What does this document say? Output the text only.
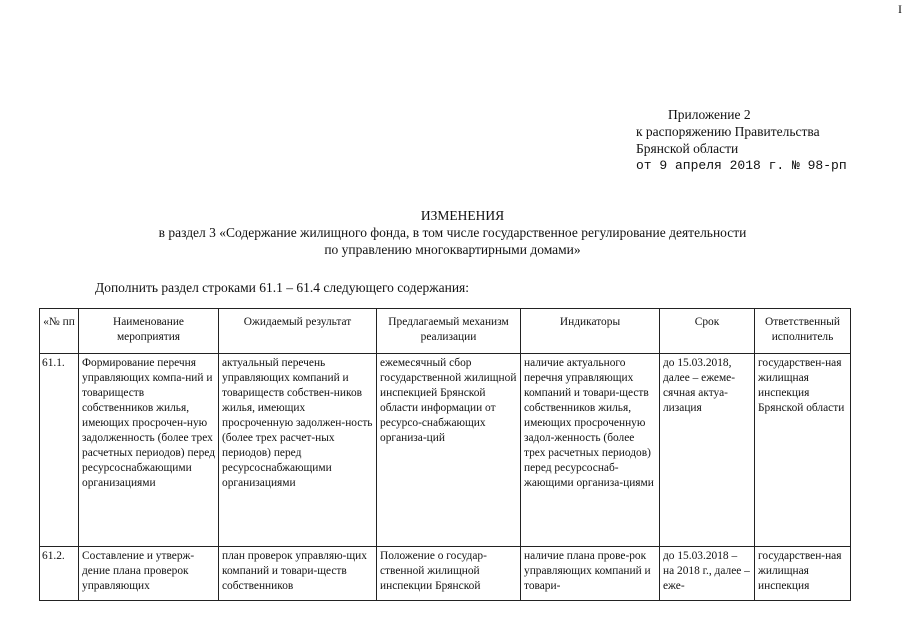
I
Приложение 2
к распоряжению Правительства
Брянской области
от 9 апреля 2018 г. № 98-рп
ИЗМЕНЕНИЯ
в раздел 3 «Содержание жилищного фонда, в том числе государственное регулирование деятельности
по управлению многоквартирными домами»
Дополнить раздел строками 61.1 – 61.4 следующего содержания:
«№ пп	Наименование мероприятия	Ожидаемый результат	Предлагаемый механизм реализации	Индикаторы	Срок	Ответственный исполнитель
61.1.	Формирование перечня управляющих компа-ний и товариществ собственников жилья, имеющих просрочен-ную задолженность (более трех расчетных периодов) перед ресурсоснабжающими организациями	актуальный перечень управляющих компаний и товариществ собствен-ников жилья, имеющих просроченную задолжен-ность (более трех расчет-ных периодов) перед ресурсоснабжающими организациями	ежемесячный сбор государственной жилищной инспекцией Брянской области информации от ресурсо-снабжающих организа-ций	наличие актуального перечня управляющих компаний и товари-ществ собственников жилья, имеющих просроченную задол-женность (более трех расчетных периодов) перед ресурсоснаб-жающими организа-циями	до 15.03.2018, далее – ежеме-сячная актуа-лизация	государствен-ная жилищная инспекция Брянской области
61.2.	Составление и утверж-дение плана проверок управляющих	план проверок управляю-щих компаний и товари-ществ собственников	Положение о государ-ственной жилищной инспекции Брянской	наличие плана прове-рок управляющих компаний и товари-	до 15.03.2018 – на 2018 г., далее – еже-	государствен-ная жилищная инспекция
